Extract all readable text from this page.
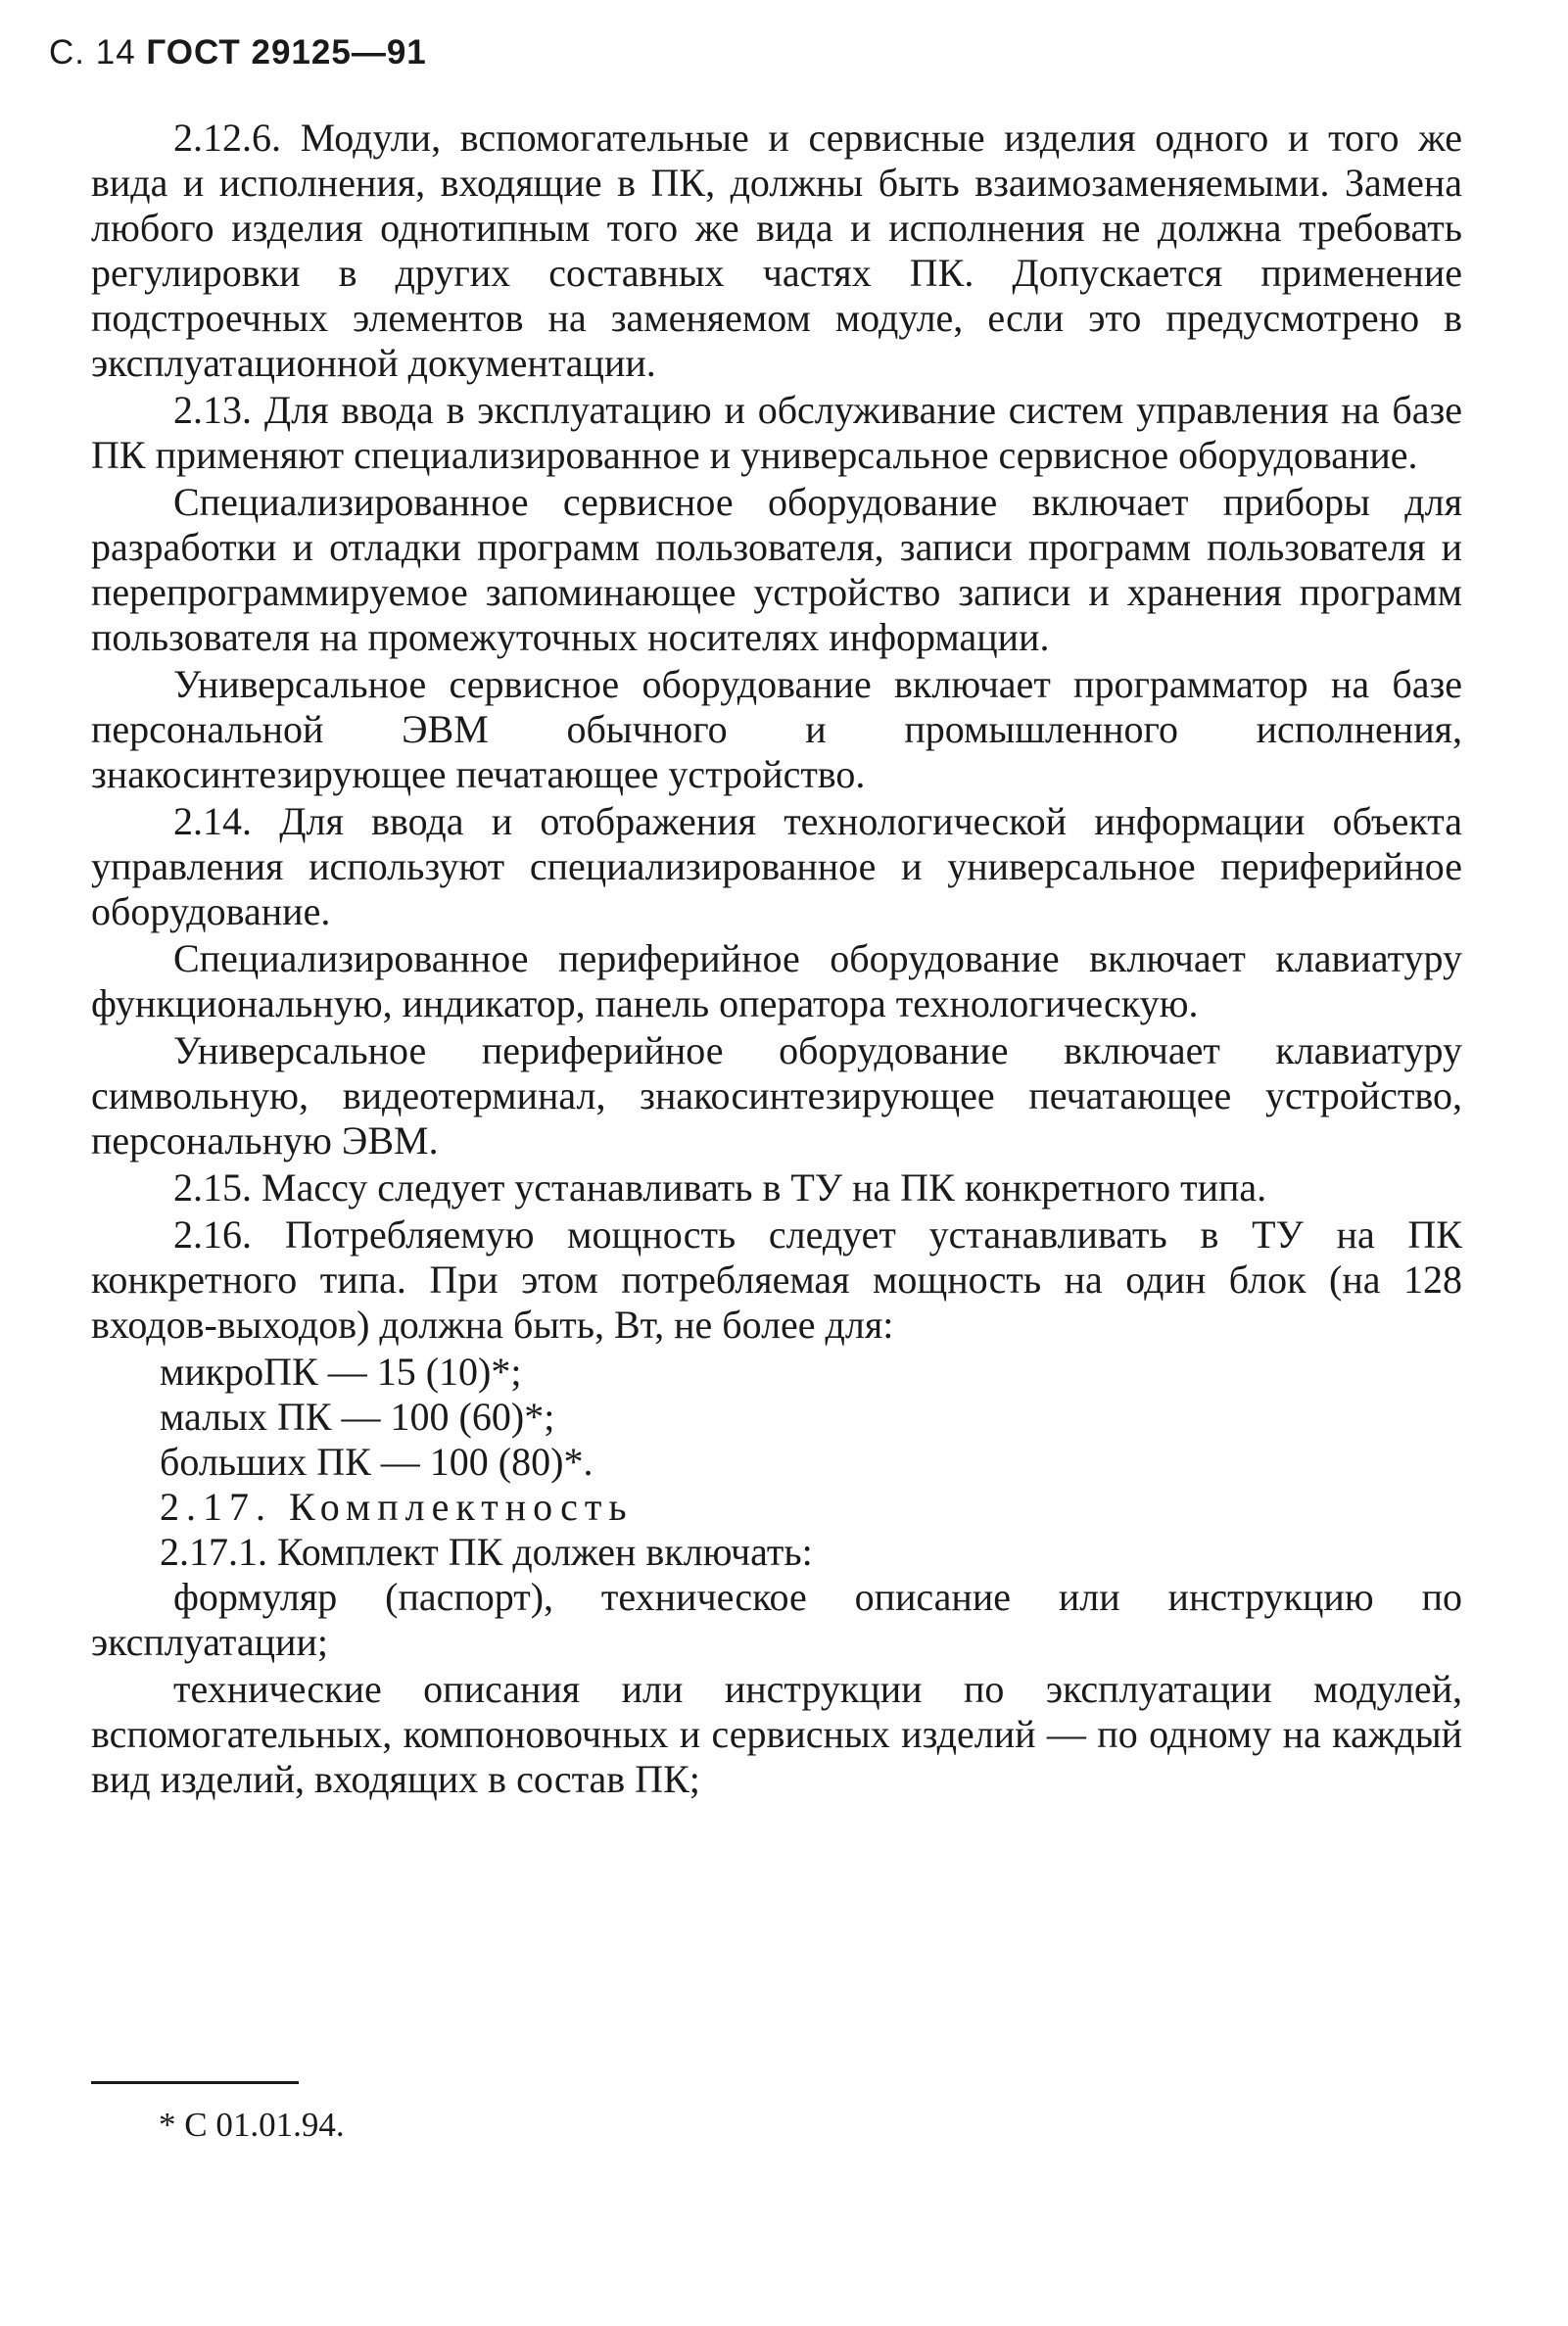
С. 14 ГОСТ 29125—91

2.12.6. Модули, вспомогательные и сервисные изделия одного и того же вида и исполнения, входящие в ПК, должны быть взаимозаменяемыми. Замена любого изделия однотипным того же вида и исполнения не должна требовать регулировки в других составных частях ПК. Допускается применение подстроечных элементов на заменяемом модуле, если это предусмотрено в эксплуатационной документации.

2.13. Для ввода в эксплуатацию и обслуживание систем управления на базе ПК применяют специализированное и универсальное сервисное оборудование.

Специализированное сервисное оборудование включает приборы для разработки и отладки программ пользователя, записи программ пользователя и перепрограммируемое запоминающее устройство записи и хранения программ пользователя на промежуточных носителях информации.

Универсальное сервисное оборудование включает программатор на базе персональной ЭВМ обычного и промышленного исполнения, знакосинтезирующее печатающее устройство.

2.14. Для ввода и отображения технологической информации объекта управления используют специализированное и универсальное периферийное оборудование.

Специализированное периферийное оборудование включает клавиатуру функциональную, индикатор, панель оператора технологическую.

Универсальное периферийное оборудование включает клавиатуру символьную, видеотерминал, знакосинтезирующее печатающее устройство, персональную ЭВМ.

2.15. Массу следует устанавливать в ТУ на ПК конкретного типа.

2.16. Потребляемую мощность следует устанавливать в ТУ на ПК конкретного типа. При этом потребляемая мощность на один блок (на 128 входов-выходов) должна быть, Вт, не более для:

микроПК — 15 (10)*;

малых ПК — 100 (60)*;

больших ПК — 100 (80)*.

2.17. Комплектность

2.17.1. Комплект ПК должен включать:

формуляр (паспорт), техническое описание или инструкцию по эксплуатации;

технические описания или инструкции по эксплуатации модулей, вспомогательных, компоновочных и сервисных изделий — по одному на каждый вид изделий, входящих в состав ПК;

* С 01.01.94.
